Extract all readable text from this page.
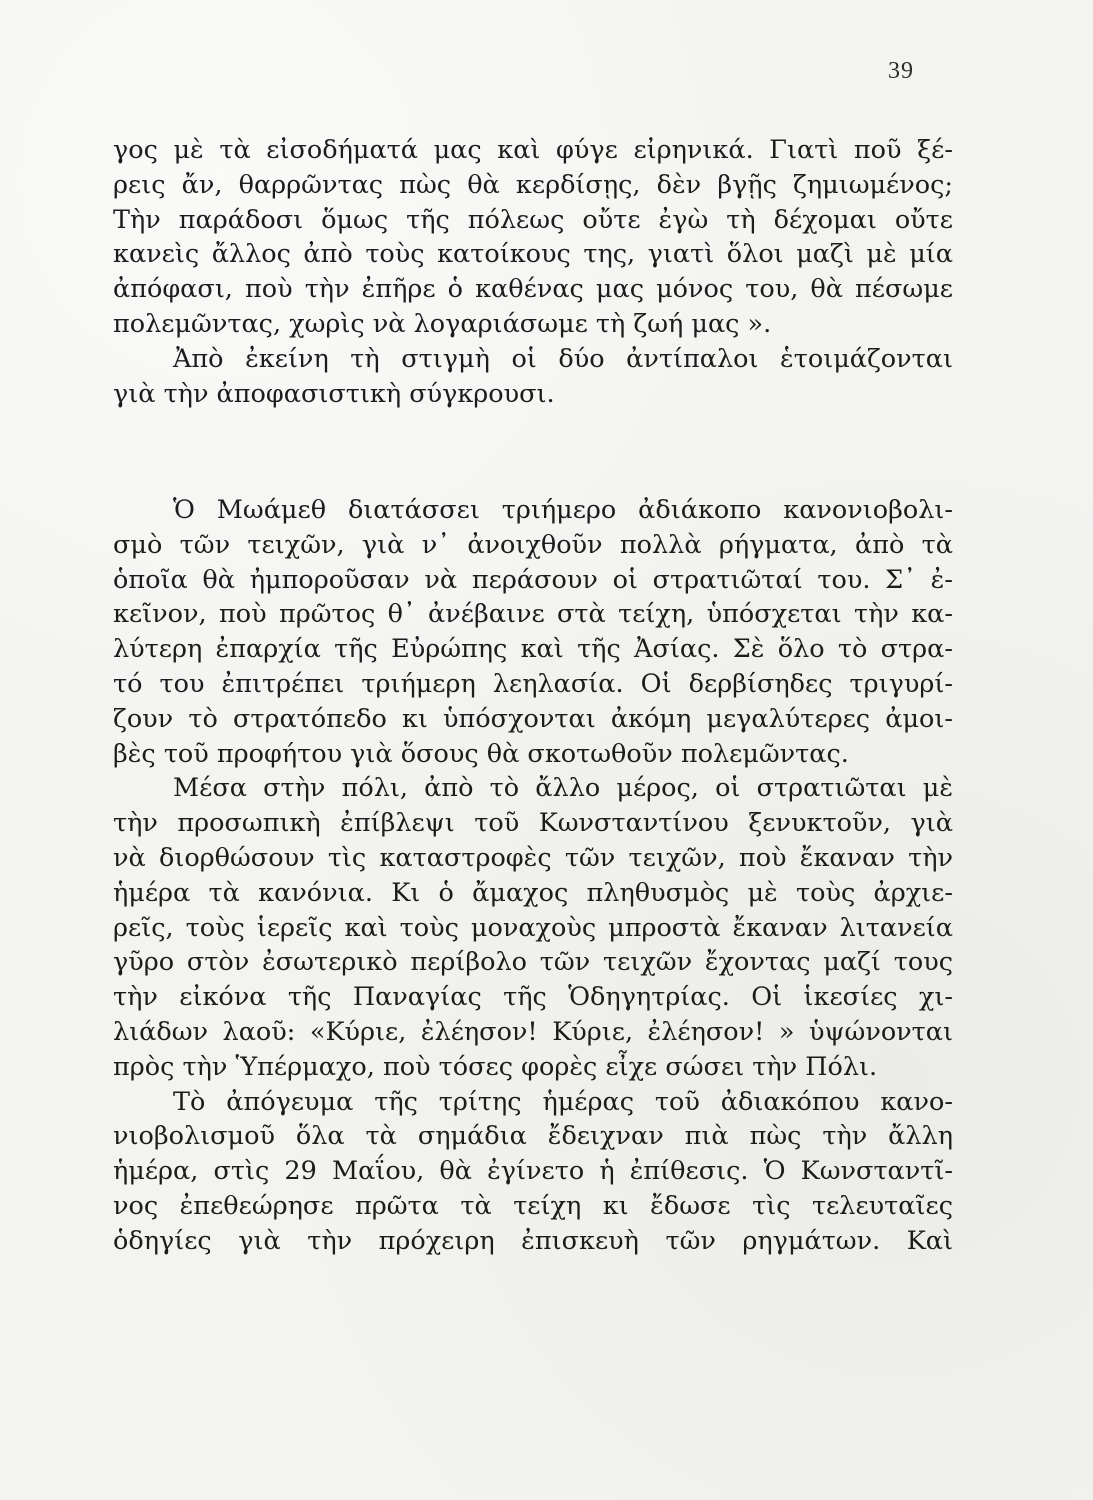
39
γος μὲ τὰ εἰσοδήματά μας καὶ φύγε εἰρηνικά. Γιατὶ ποῦ ξέ-
ρεις ἄν, θαρρῶντας πὼς θὰ κερδίσῃς, δὲν βγῇς ζημιωμένος;
Τὴν παράδοσι ὅμως τῆς πόλεως οὔτε ἐγὼ τὴ δέχομαι οὔτε
κανεὶς ἄλλος ἀπὸ τοὺς κατοίκους της, γιατὶ ὅλοι μαζὶ μὲ μία
ἀπόφασι, ποὺ τὴν ἐπῆρε ὁ καθένας μας μόνος του, θὰ πέσωμε
πολεμῶντας, χωρὶς νὰ λογαριάσωμε τὴ ζωή μας ».
Ἀπὸ ἐκείνη τὴ στιγμὴ οἱ δύο ἀντίπαλοι ἑτοιμάζονται
γιὰ τὴν ἀποφασιστικὴ σύγκρουσι.
Ὁ Μωάμεθ διατάσσει τριήμερο ἀδιάκοπο κανονιοβολι-
σμὸ τῶν τειχῶν, γιὰ ν᾿ ἀνοιχθοῦν πολλὰ ρήγματα, ἀπὸ τὰ
ὁποῖα θὰ ἠμποροῦσαν νὰ περάσουν οἱ στρατιῶταί του. Σ᾿ ἐ-
κεῖνον, ποὺ πρῶτος θ᾿ ἀνέβαινε στὰ τείχη, ὑπόσχεται τὴν κα-
λύτερη ἐπαρχία τῆς Εὐρώπης καὶ τῆς Ἀσίας. Σὲ ὅλο τὸ στρα-
τό του ἐπιτρέπει τριήμερη λεηλασία. Οἱ δερβίσηδες τριγυρί-
ζουν τὸ στρατόπεδο κι ὑπόσχονται ἀκόμη μεγαλύτερες ἀμοι-
βὲς τοῦ προφήτου γιὰ ὅσους θὰ σκοτωθοῦν πολεμῶντας.
Μέσα στὴν πόλι, ἀπὸ τὸ ἄλλο μέρος, οἱ στρατιῶται μὲ
τὴν προσωπικὴ ἐπίβλεψι τοῦ Κωνσταντίνου ξενυκτοῦν, γιὰ
νὰ διορθώσουν τὶς καταστροφὲς τῶν τειχῶν, ποὺ ἔκαναν τὴν
ἡμέρα τὰ κανόνια. Κι ὁ ἄμαχος πληθυσμὸς μὲ τοὺς ἀρχιε-
ρεῖς, τοὺς ἱερεῖς καὶ τοὺς μοναχοὺς μπροστὰ ἔκαναν λιτανεία
γῦρο στὸν ἐσωτερικὸ περίβολο τῶν τειχῶν ἔχοντας μαζί τους
τὴν εἰκόνα τῆς Παναγίας τῆς Ὁδηγητρίας. Οἱ ἱκεσίες χι-
λιάδων λαοῦ: «Κύριε, ἐλέησον! Κύριε, ἐλέησον! » ὑψώνονται
πρὸς τὴν Ὑπέρμαχο, ποὺ τόσες φορὲς εἶχε σώσει τὴν Πόλι.
Τὸ ἀπόγευμα τῆς τρίτης ἡμέρας τοῦ ἀδιακόπου κανο-
νιοβολισμοῦ ὅλα τὰ σημάδια ἔδειχναν πιὰ πὼς τὴν ἄλλη
ἡμέρα, στὶς 29 Μαΐου, θὰ ἐγίνετο ἡ ἐπίθεσις. Ὁ Κωνσταντῖ-
νος ἐπεθεώρησε πρῶτα τὰ τείχη κι ἔδωσε τὶς τελευταῖες
ὁδηγίες γιὰ τὴν πρόχειρη ἐπισκευὴ τῶν ρηγμάτων. Καὶ
